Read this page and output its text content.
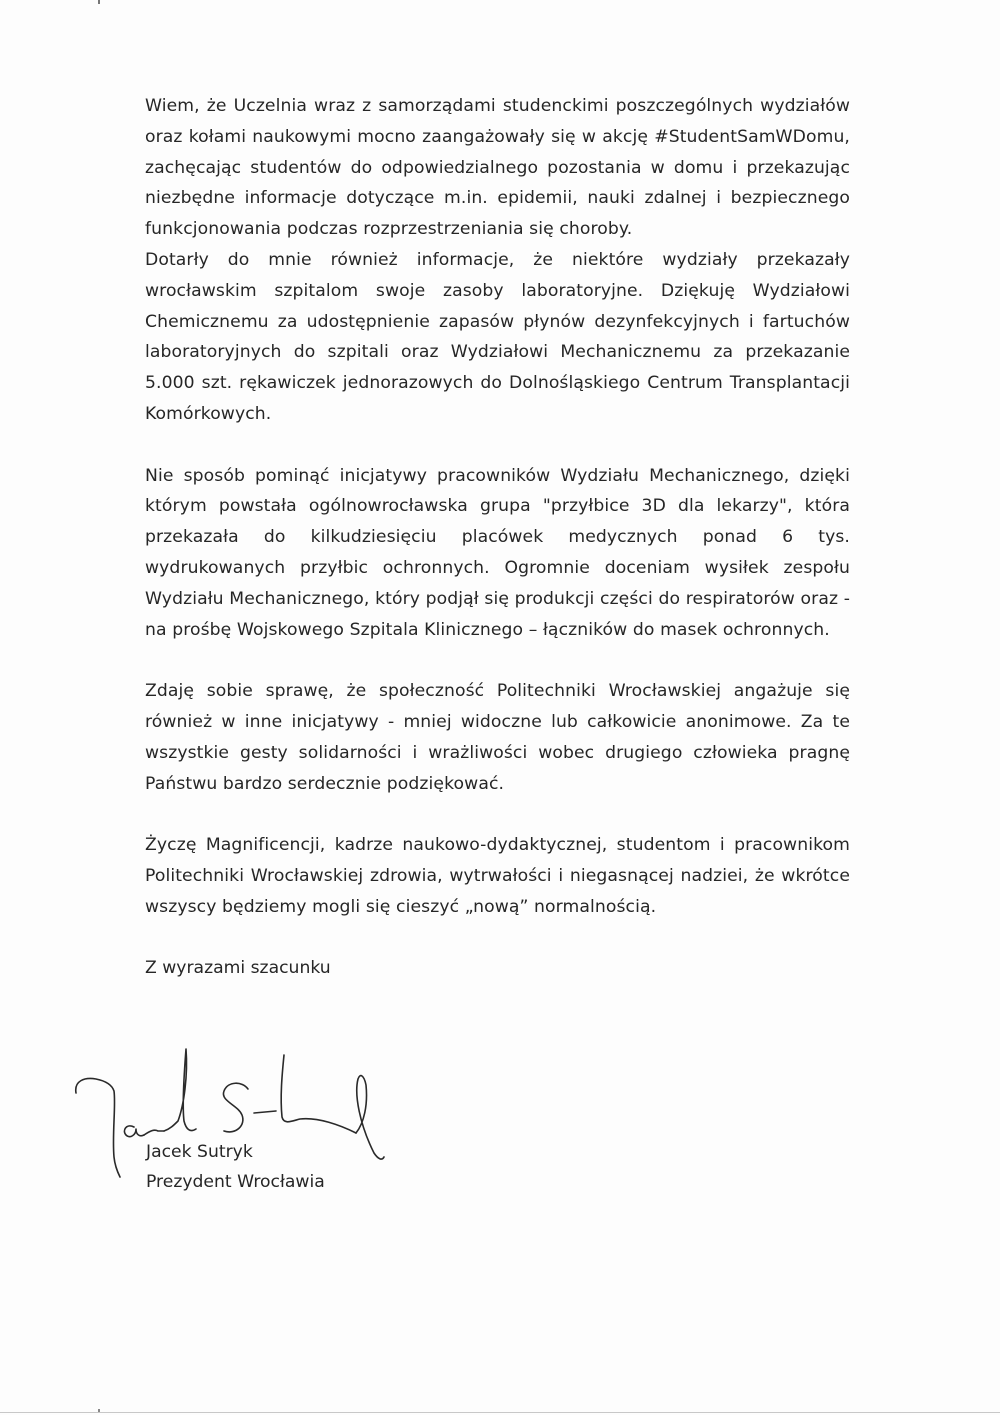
Wiem, że Uczelnia wraz z samorządami studenckimi poszczególnych wydziałów oraz kołami naukowymi mocno zaangażowały się w akcję #StudentSamWDomu, zachęcając studentów do odpowiedzialnego pozostania w domu i przekazując niezbędne informacje dotyczące m.in. epidemii, nauki zdalnej i bezpiecznego funkcjonowania podczas rozprzestrzeniania się choroby.

Dotarły do mnie również informacje, że niektóre wydziały przekazały wrocławskim szpitalom swoje zasoby laboratoryjne. Dziękuję Wydziałowi Chemicznemu za udostępnienie zapasów płynów dezynfekcyjnych i fartuchów laboratoryjnych do szpitali oraz Wydziałowi Mechanicznemu za przekazanie 5.000 szt. rękawiczek jednorazowych do Dolnośląskiego Centrum Transplantacji Komórkowych.

Nie sposób pominąć inicjatywy pracowników Wydziału Mechanicznego, dzięki którym powstała ogólnowrocławska grupa "przyłbice 3D dla lekarzy", która przekazała do kilkudziesięciu placówek medycznych ponad 6 tys. wydrukowanych przyłbic ochronnych. Ogromnie doceniam wysiłek zespołu Wydziału Mechanicznego, który podjął się produkcji części do respiratorów oraz - na prośbę Wojskowego Szpitala Klinicznego – łączników do masek ochronnych.

Zdaję sobie sprawę, że społeczność Politechniki Wrocławskiej angażuje się również w inne inicjatywy - mniej widoczne lub całkowicie anonimowe. Za te wszystkie gesty solidarności i wrażliwości wobec drugiego człowieka pragnę Państwu bardzo serdecznie podziękować.

Życzę Magnificencji, kadrze naukowo-dydaktycznej, studentom i pracownikom Politechniki Wrocławskiej zdrowia, wytrwałości i niegasnącej nadziei, że wkrótce wszyscy będziemy mogli się cieszyć „nową” normalnością.

Z wyrazami szacunku
Jacek Sutryk
Prezydent Wrocławia
